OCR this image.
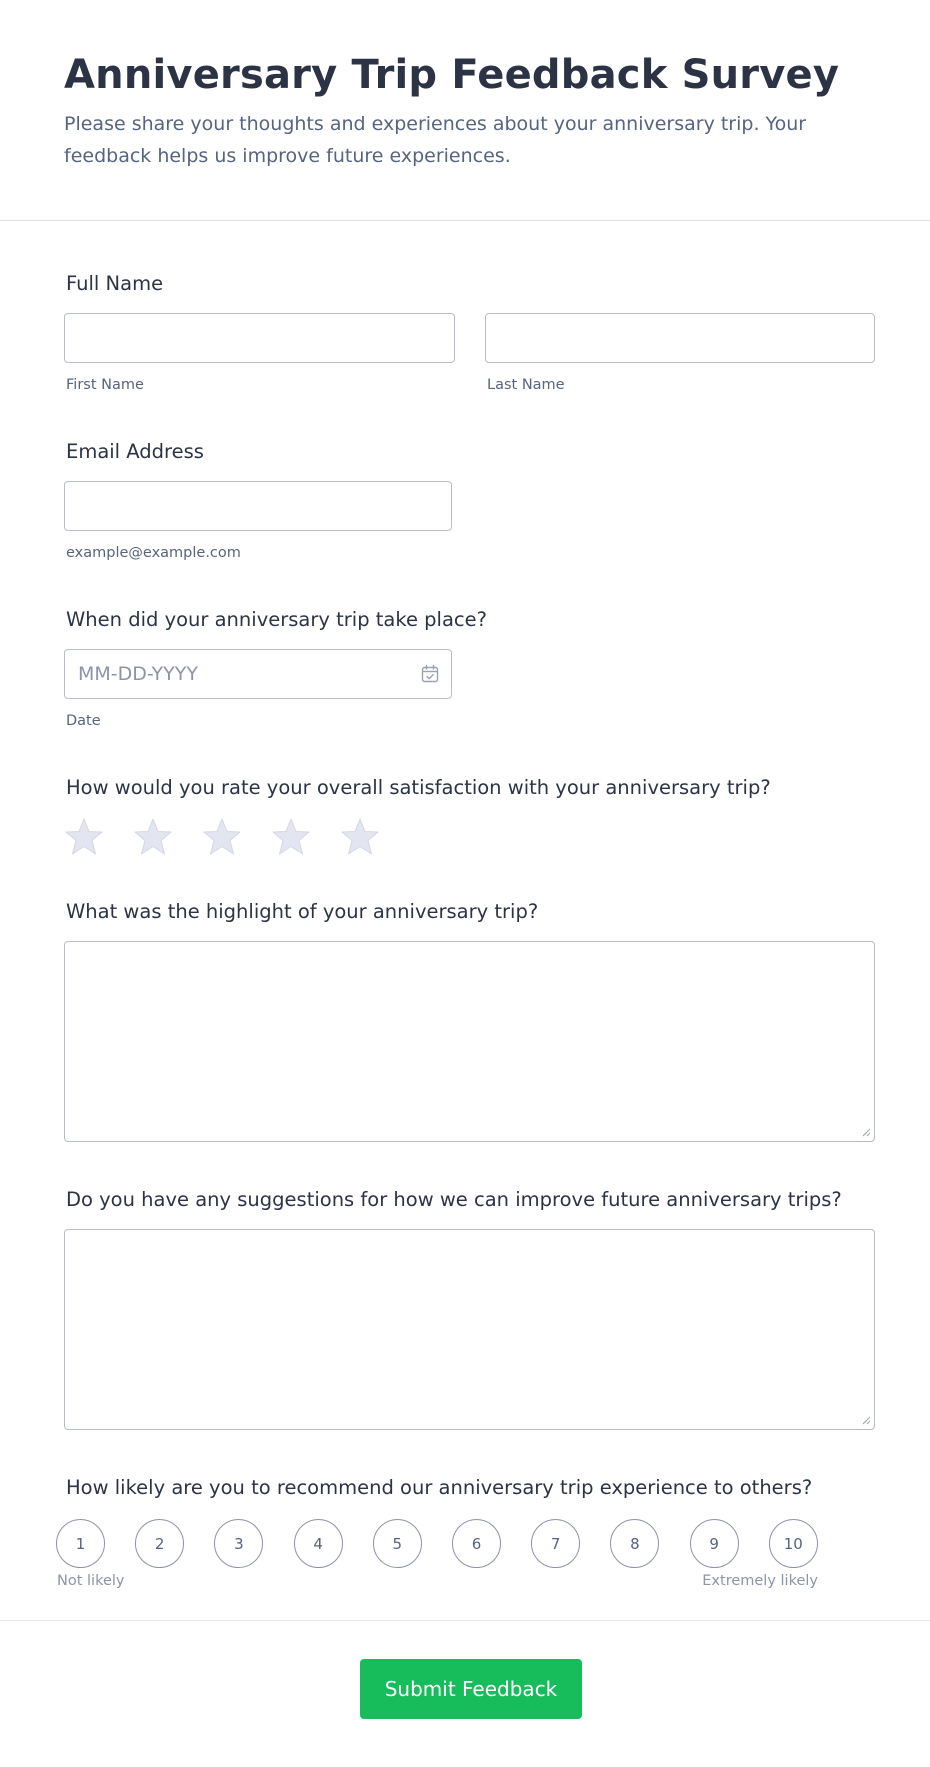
Anniversary Trip Feedback Survey
Please share your thoughts and experiences about your anniversary trip. Your feedback helps us improve future experiences.
Full Name
First Name	Last Name
Email Address
example@example.com
When did your anniversary trip take place?
MM-DD-YYYY
Date
How would you rate your overall satisfaction with your anniversary trip?
What was the highlight of your anniversary trip?
Do you have any suggestions for how we can improve future anniversary trips?
How likely are you to recommend our anniversary trip experience to others?
1	2	3	4	5	6	7	8	9	10
Not likely	Extremely likely
Submit Feedback
